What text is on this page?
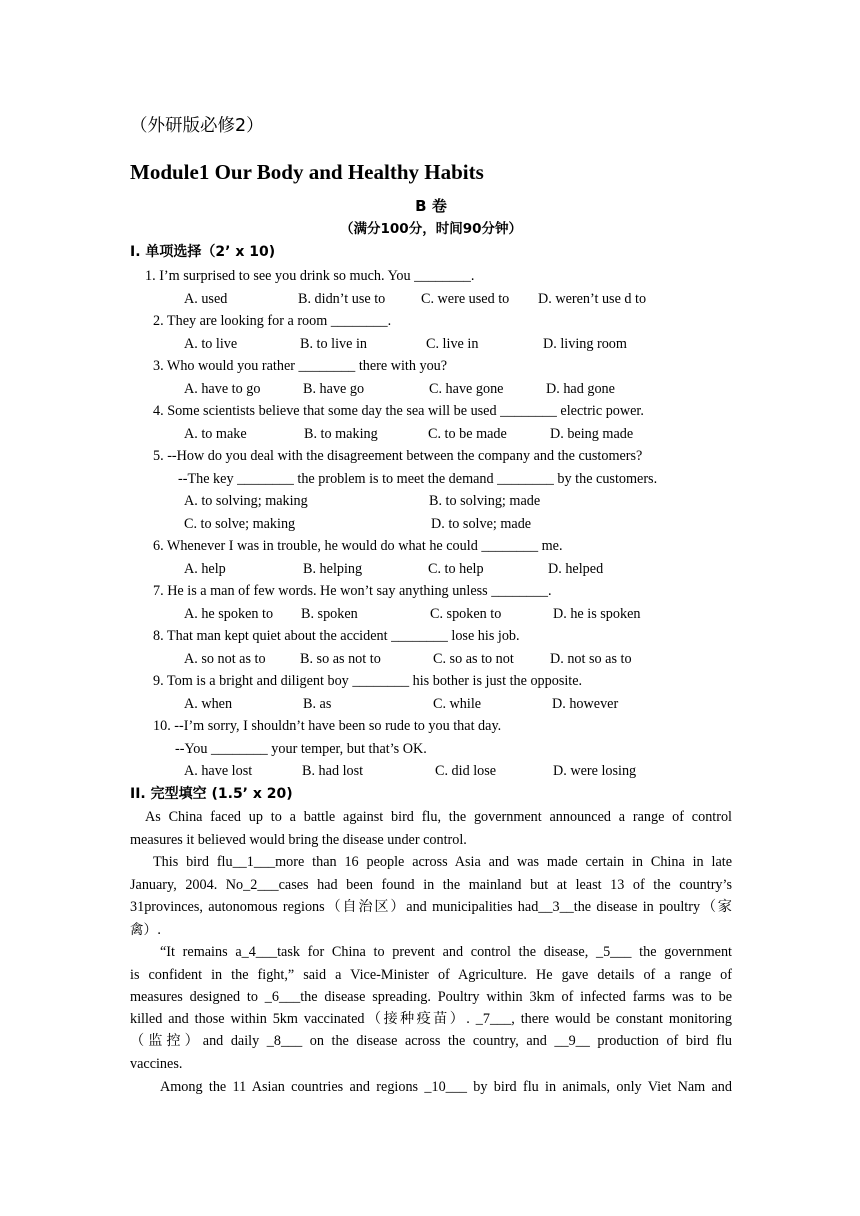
（外研版必修2）
Module1 Our Body and Healthy Habits
B 卷
（满分100分，时间90分钟）
I. 单项选择（2’ x 10)
1. I’m surprised to see you drink so much. You ________.
A. used	B. didn’t use to	C. were used to D. weren’t use d to
2. They are looking for a room ________.
A. to live	B. to live in	C. live in	D. living room
3. Who would you rather ________ there with you?
A. have to go	B. have go	C. have gone	D. had gone
4. Some scientists believe that some day the sea will be used ________ electric power.
A. to make	B. to making	C. to be made	D. being made
5. --How do you deal with the disagreement between the company and the customers?
--The key ________ the problem is to meet the demand ________ by the customers.
A. to solving; making	B. to solving; made
C. to solve; making	D. to solve; made
6. Whenever I was in trouble, he would do what he could ________ me.
A. help	B. helping	C. to help	D. helped
7. He is a man of few words. He won’t say anything unless ________.
A. he spoken to B. spoken	C. spoken to	D. he is spoken
8. That man kept quiet about the accident ________ lose his job.
A. so not as to B. so as not to	C. so as to not	D. not so as to
9. Tom is a bright and diligent boy ________ his bother is just the opposite.
A. when	B. as	C. while	D. however
10. --I’m sorry, I shouldn’t have been so rude to you that day.
--You ________ your temper, but that’s OK.
A. have lost	B. had lost	C. did lose	D. were losing
II. 完型填空 (1.5’ x 20)
As China faced up to a battle against bird flu, the government announced a range of control
measures it believed would bring the disease under control.
This bird flu__1___more than 16 people across Asia and was made certain in China in late
January, 2004. No_2___cases had been found in the mainland but at least 13 of the country’s
31provinces, autonomous regions（自治区）and municipalities had__3__the disease in poultry（家
禽）.
“It remains a_4___task for China to prevent and control the disease, _5___ the government
is confident in the fight,” said a Vice-Minister of Agriculture. He gave details of a range of
measures designed to _6___the disease spreading. Poultry within 3km of infected farms was to be
killed and those within 5km vaccinated（接种疫苗）. _7___, there would be constant monitoring
（监控）and daily _8___ on the disease across the country, and __9__ production of bird flu
vaccines.
Among the 11 Asian countries and regions _10___ by bird flu in animals, only Viet Nam and
